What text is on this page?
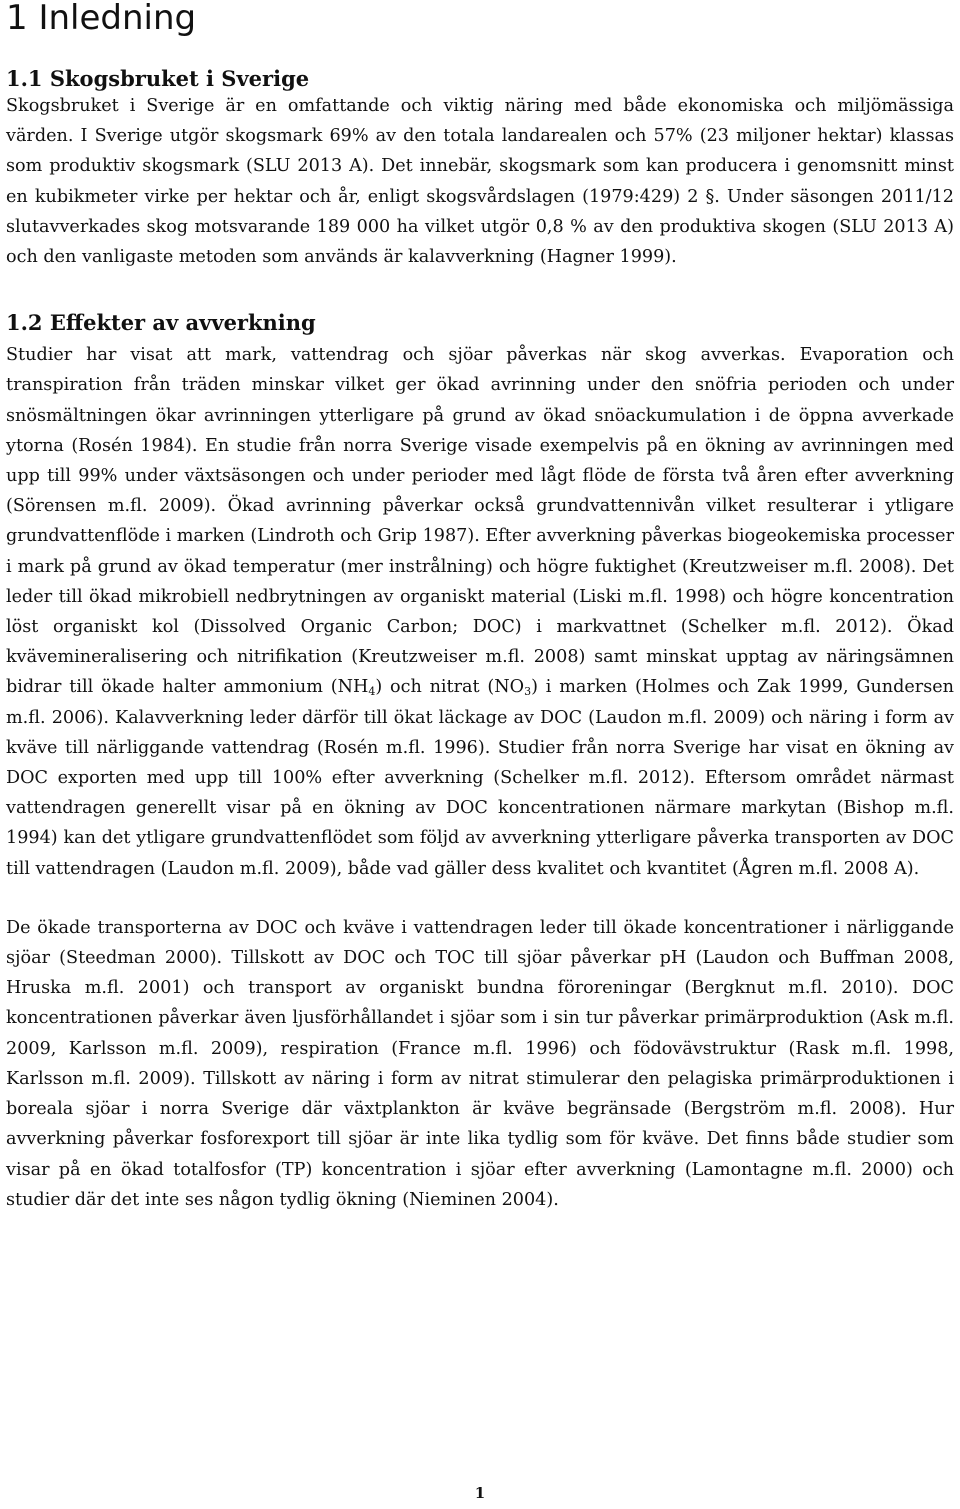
1 Inledning
1.1 Skogsbruket i Sverige

Skogsbruket i Sverige är en omfattande och viktig näring med både ekonomiska och miljömässiga värden. I Sverige utgör skogsmark 69% av den totala landarealen och 57% (23 miljoner hektar) klassas som produktiv skogsmark (SLU 2013 A). Det innebär, skogsmark som kan producera i genomsnitt minst en kubikmeter virke per hektar och år, enligt skogsvårdslagen (1979:429) 2 §. Under säsongen 2011/12 slutavverkades skog motsvarande 189 000 ha vilket utgör 0,8 % av den produktiva skogen (SLU 2013 A) och den vanligaste metoden som används är kalavverkning (Hagner 1999).

1.2 Effekter av avverkning

Studier har visat att mark, vattendrag och sjöar påverkas när skog avverkas. Evaporation och transpiration från träden minskar vilket ger ökad avrinning under den snöfria perioden och under snösmältningen ökar avrinningen ytterligare på grund av ökad snöackumulation i de öppna avverkade ytorna (Rosén 1984). En studie från norra Sverige visade exempelvis på en ökning av avrinningen med upp till 99% under växtsäsongen och under perioder med lågt flöde de första två åren efter avverkning (Sörensen m.fl. 2009). Ökad avrinning påverkar också grundvattennivån vilket resulterar i ytligare grundvattenflöde i marken (Lindroth och Grip 1987). Efter avverkning påverkas biogeokemiska processer i mark på grund av ökad temperatur (mer instrålning) och högre fuktighet (Kreutzweiser m.fl. 2008). Det leder till ökad mikrobiell nedbrytningen av organiskt material (Liski m.fl. 1998) och högre koncentration löst organiskt kol (Dissolved Organic Carbon; DOC) i markvattnet (Schelker m.fl. 2012). Ökad kvävemineralisering och nitrifikation (Kreutzweiser m.fl. 2008) samt minskat upptag av näringsämnen bidrar till ökade halter ammonium $(NH_4)$ och nitrat $(NO_3)$ i marken (Holmes och Zak 1999, Gundersen m.fl. 2006). Kalavverkning leder därför till ökat läckage av DOC (Laudon m.fl. 2009) och näring i form av kväve till närliggande vattendrag (Rosén m.fl. 1996). Studier från norra Sverige har visat en ökning av DOC exporten med upp till 100% efter avverkning (Schelker m.fl. 2012). Eftersom området närmast vattendragen generellt visar på en ökning av DOC koncentrationen närmare markytan (Bishop m.fl. 1994) kan det ytligare grundvattenflödet som följd av avverkning ytterligare påverka transporten av DOC till vattendragen (Laudon m.fl. 2009), både vad gäller dess kvalitet och kvantitet (Ågren m.fl. 2008 A).

De ökade transporterna av DOC och kväve i vattendragen leder till ökade koncentrationer i närliggande sjöar (Steedman 2000). Tillskott av DOC och TOC till sjöar påverkar pH (Laudon och Buffman 2008, Hruska m.fl. 2001) och transport av organiskt bundna föroreningar (Bergknut m.fl. 2010). DOC koncentrationen påverkar även ljusförhållandet i sjöar som i sin tur påverkar primärproduktion (Ask m.fl. 2009, Karlsson m.fl. 2009), respiration (France m.fl. 1996) och födovävstruktur (Rask m.fl. 1998, Karlsson m.fl. 2009). Tillskott av näring i form av nitrat stimulerar den pelagiska primärproduktionen i boreala sjöar i norra Sverige där växtplankton är kväve begränsade (Bergström m.fl. 2008). Hur avverkning påverkar fosforexport till sjöar är inte lika tydlig som för kväve. Det finns både studier som visar på en ökad totalfosfor (TP) koncentration i sjöar efter avverkning (Lamontagne m.fl. 2000) och studier där det inte ses någon tydlig ökning (Nieminen 2004).

1
